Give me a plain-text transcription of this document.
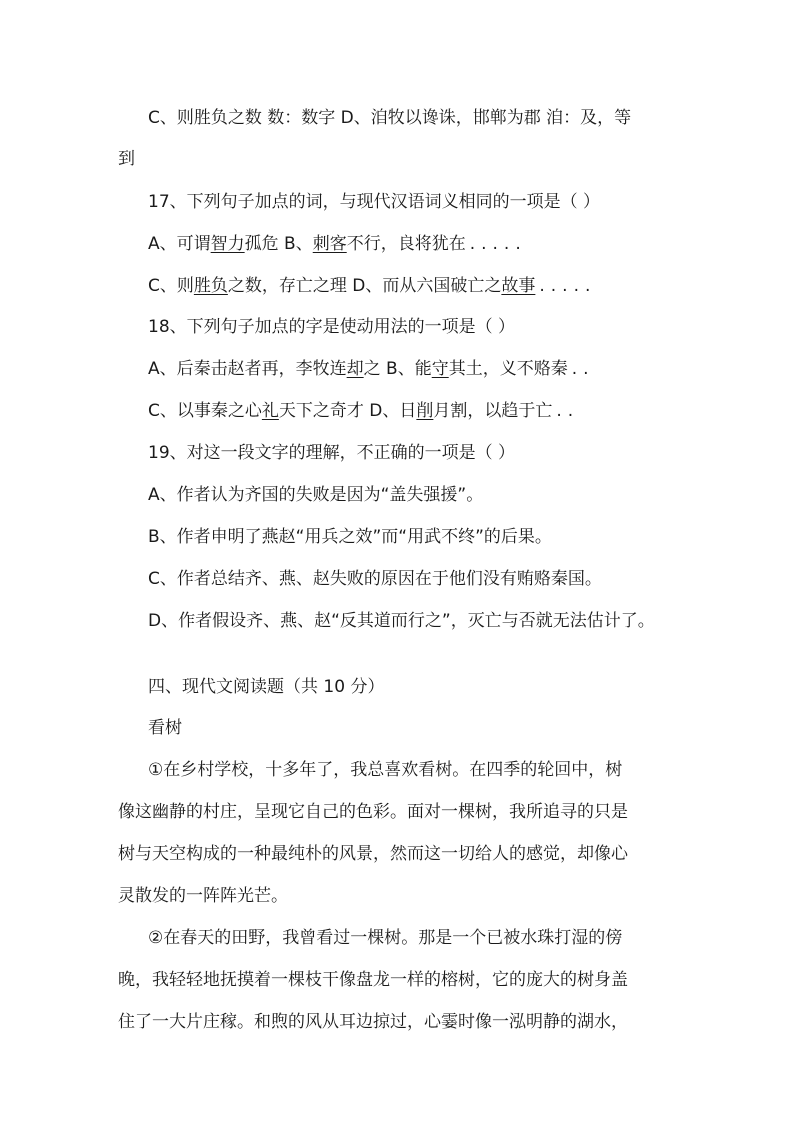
C、则胜负之数 数：数字 D、洎牧以谗诛，邯郸为郡 洎：及，等
到
17、下列句子加点的词，与现代汉语词义相同的一项是（ ）
A、可谓智力孤危 B、刺客不行，良将犹在 .....
C、则胜负之数，存亡之理 D、而从六国破亡之故事 .....
18、下列句子加点的字是使动用法的一项是（ ）
A、后秦击赵者再，李牧连却之 B、能守其土，义不赂秦 ..
C、以事秦之心礼天下之奇才 D、日削月割，以趋于亡 ..
19、对这一段文字的理解，不正确的一项是（ ）
A、作者认为齐国的失败是因为“盖失强援”。
B、作者申明了燕赵“用兵之效”而“用武不终”的后果。
C、作者总结齐、燕、赵失败的原因在于他们没有贿赂秦国。
D、作者假设齐、燕、赵“反其道而行之”，灭亡与否就无法估计了。
四、现代文阅读题（共 10 分）
看树
①在乡村学校，十多年了，我总喜欢看树。在四季的轮回中，树
像这幽静的村庄，呈现它自己的色彩。面对一棵树，我所追寻的只是
树与天空构成的一种最纯朴的风景，然而这一切给人的感觉，却像心
灵散发的一阵阵光芒。
②在春天的田野，我曾看过一棵树。那是一个已被水珠打湿的傍
晚，我轻轻地抚摸着一棵枝干像盘龙一样的榕树，它的庞大的树身盖
住了一大片庄稼。和煦的风从耳边掠过，心霎时像一泓明静的湖水，
